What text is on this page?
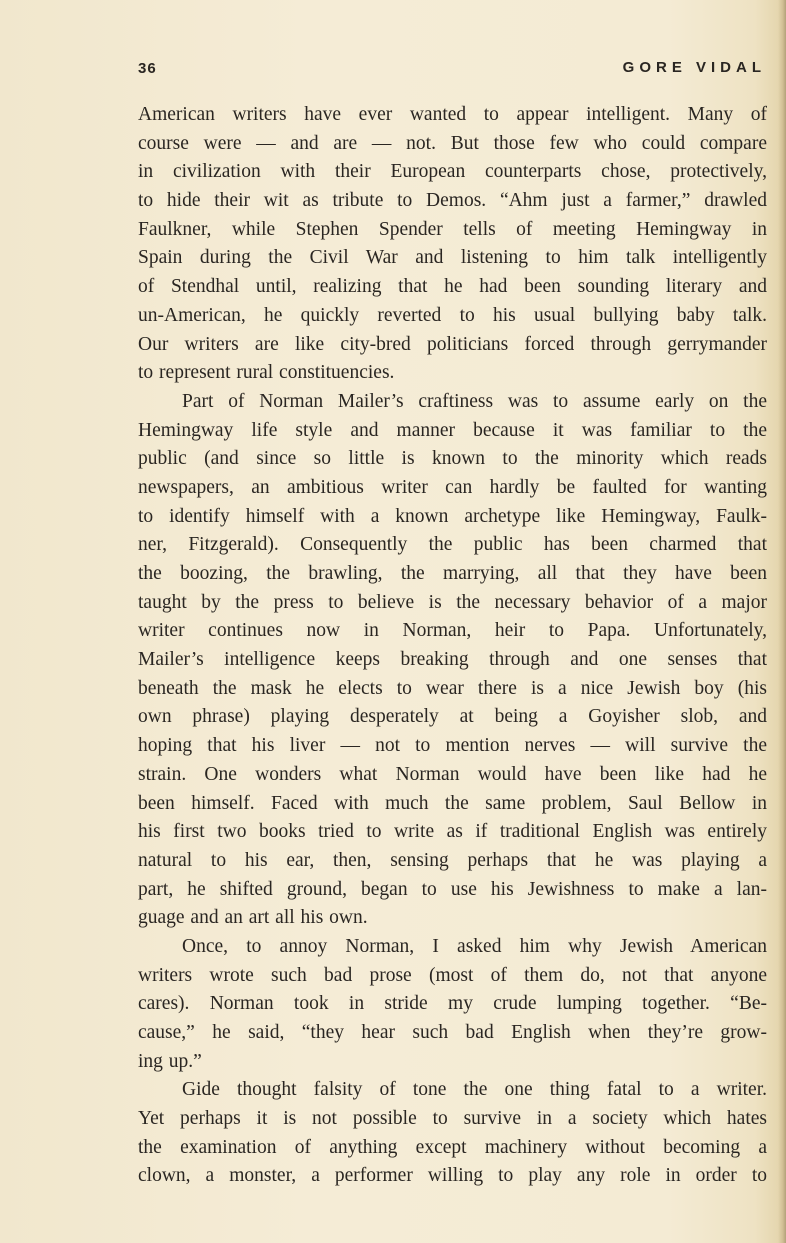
36	GORE VIDAL
American writers have ever wanted to appear intelligent. Many of
course were — and are — not. But those few who could compare
in civilization with their European counterparts chose, protectively,
to hide their wit as tribute to Demos. “Ahm just a farmer,” drawled
Faulkner, while Stephen Spender tells of meeting Hemingway in
Spain during the Civil War and listening to him talk intelligently
of Stendhal until, realizing that he had been sounding literary and
un-American, he quickly reverted to his usual bullying baby talk.
Our writers are like city-bred politicians forced through gerrymander
to represent rural constituencies.
Part of Norman Mailer’s craftiness was to assume early on the
Hemingway life style and manner because it was familiar to the
public (and since so little is known to the minority which reads
newspapers, an ambitious writer can hardly be faulted for wanting
to identify himself with a known archetype like Hemingway, Faulk-
ner, Fitzgerald). Consequently the public has been charmed that
the boozing, the brawling, the marrying, all that they have been
taught by the press to believe is the necessary behavior of a major
writer continues now in Norman, heir to Papa. Unfortunately,
Mailer’s intelligence keeps breaking through and one senses that
beneath the mask he elects to wear there is a nice Jewish boy (his
own phrase) playing desperately at being a Goyisher slob, and
hoping that his liver — not to mention nerves — will survive the
strain. One wonders what Norman would have been like had he
been himself. Faced with much the same problem, Saul Bellow in
his first two books tried to write as if traditional English was entirely
natural to his ear, then, sensing perhaps that he was playing a
part, he shifted ground, began to use his Jewishness to make a lan-
guage and an art all his own.
Once, to annoy Norman, I asked him why Jewish American
writers wrote such bad prose (most of them do, not that anyone
cares). Norman took in stride my crude lumping together. “Be-
cause,” he said, “they hear such bad English when they’re grow-
ing up.”
Gide thought falsity of tone the one thing fatal to a writer.
Yet perhaps it is not possible to survive in a society which hates
the examination of anything except machinery without becoming a
clown, a monster, a performer willing to play any role in order to
